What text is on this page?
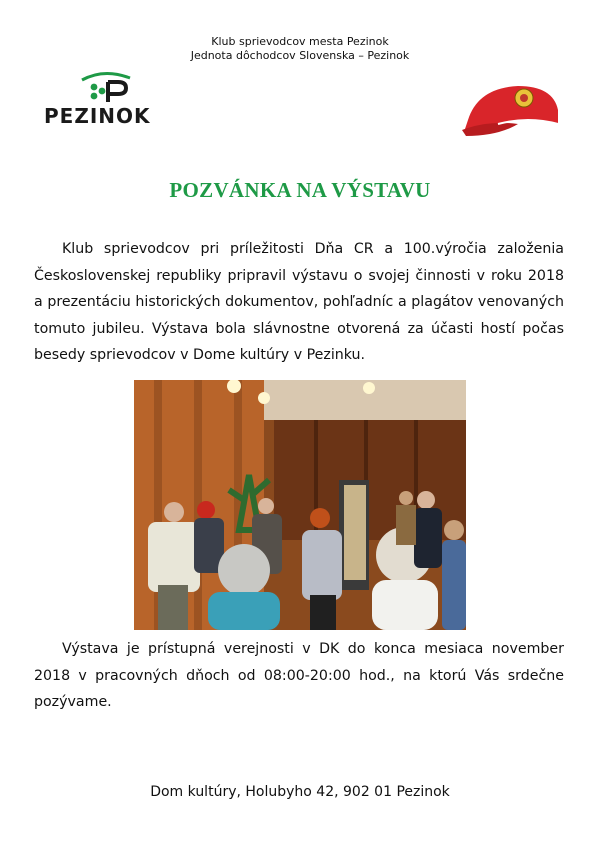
Klub sprievodcov mesta Pezinok
Jednota dôchodcov Slovenska – Pezinok
PEZINOK
POZVÁNKA NA VÝSTAVU
Klub sprievodcov pri príležitosti Dňa CR a 100.výročia založenia Československej republiky pripravil výstavu o svojej činnosti v roku 2018 a prezentáciu historických dokumentov, pohľadníc a plagátov venovaných tomuto jubileu. Výstava bola slávnostne otvorená za účasti hostí počas besedy sprievodcov v Dome kultúry v Pezinku.
Výstava je prístupná verejnosti v DK do konca mesiaca november 2018 v pracovných dňoch od 08:00-20:00 hod., na ktorú Vás srdečne pozývame.
Dom kultúry, Holubyho 42, 902 01 Pezinok
